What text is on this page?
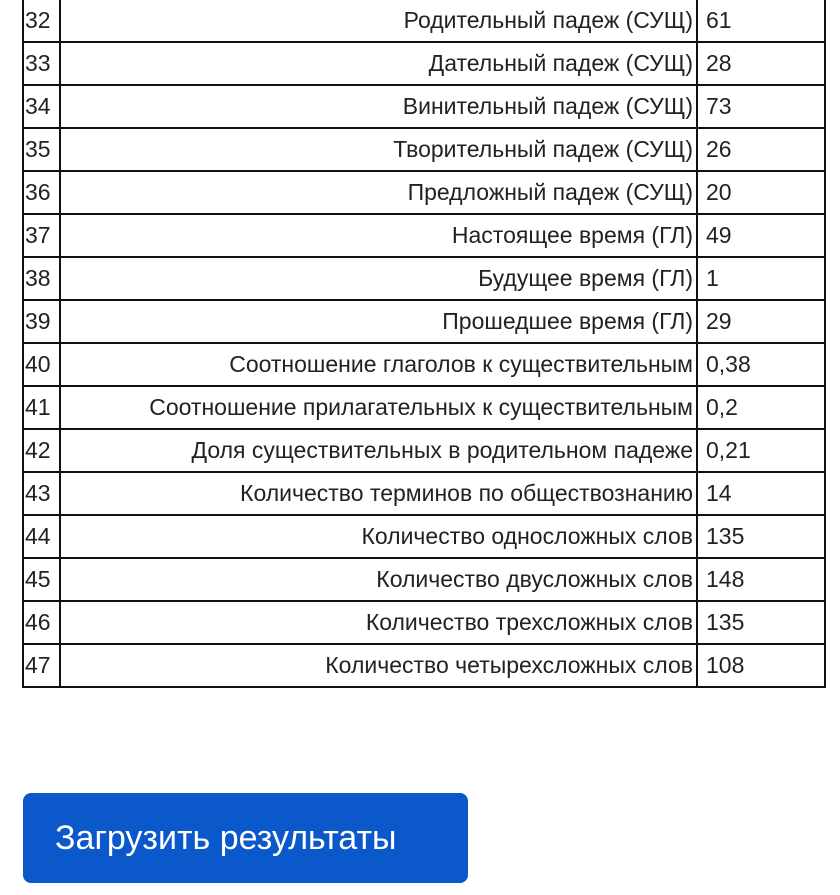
32	Родительный падеж (СУЩ)	61
33	Дательный падеж (СУЩ)	28
34	Винительный падеж (СУЩ)	73
35	Творительный падеж (СУЩ)	26
36	Предложный падеж (СУЩ)	20
37	Настоящее время (ГЛ)	49
38	Будущее время (ГЛ)	1
39	Прошедшее время (ГЛ)	29
40	Соотношение глаголов к существительным	0,38
41	Соотношение прилагательных к существительным	0,2
42	Доля существительных в родительном падеже	0,21
43	Количество терминов по обществознанию	14
44	Количество односложных слов	135
45	Количество двусложных слов	148
46	Количество трехсложных слов	135
47	Количество четырехсложных слов	108
Загрузить результаты
